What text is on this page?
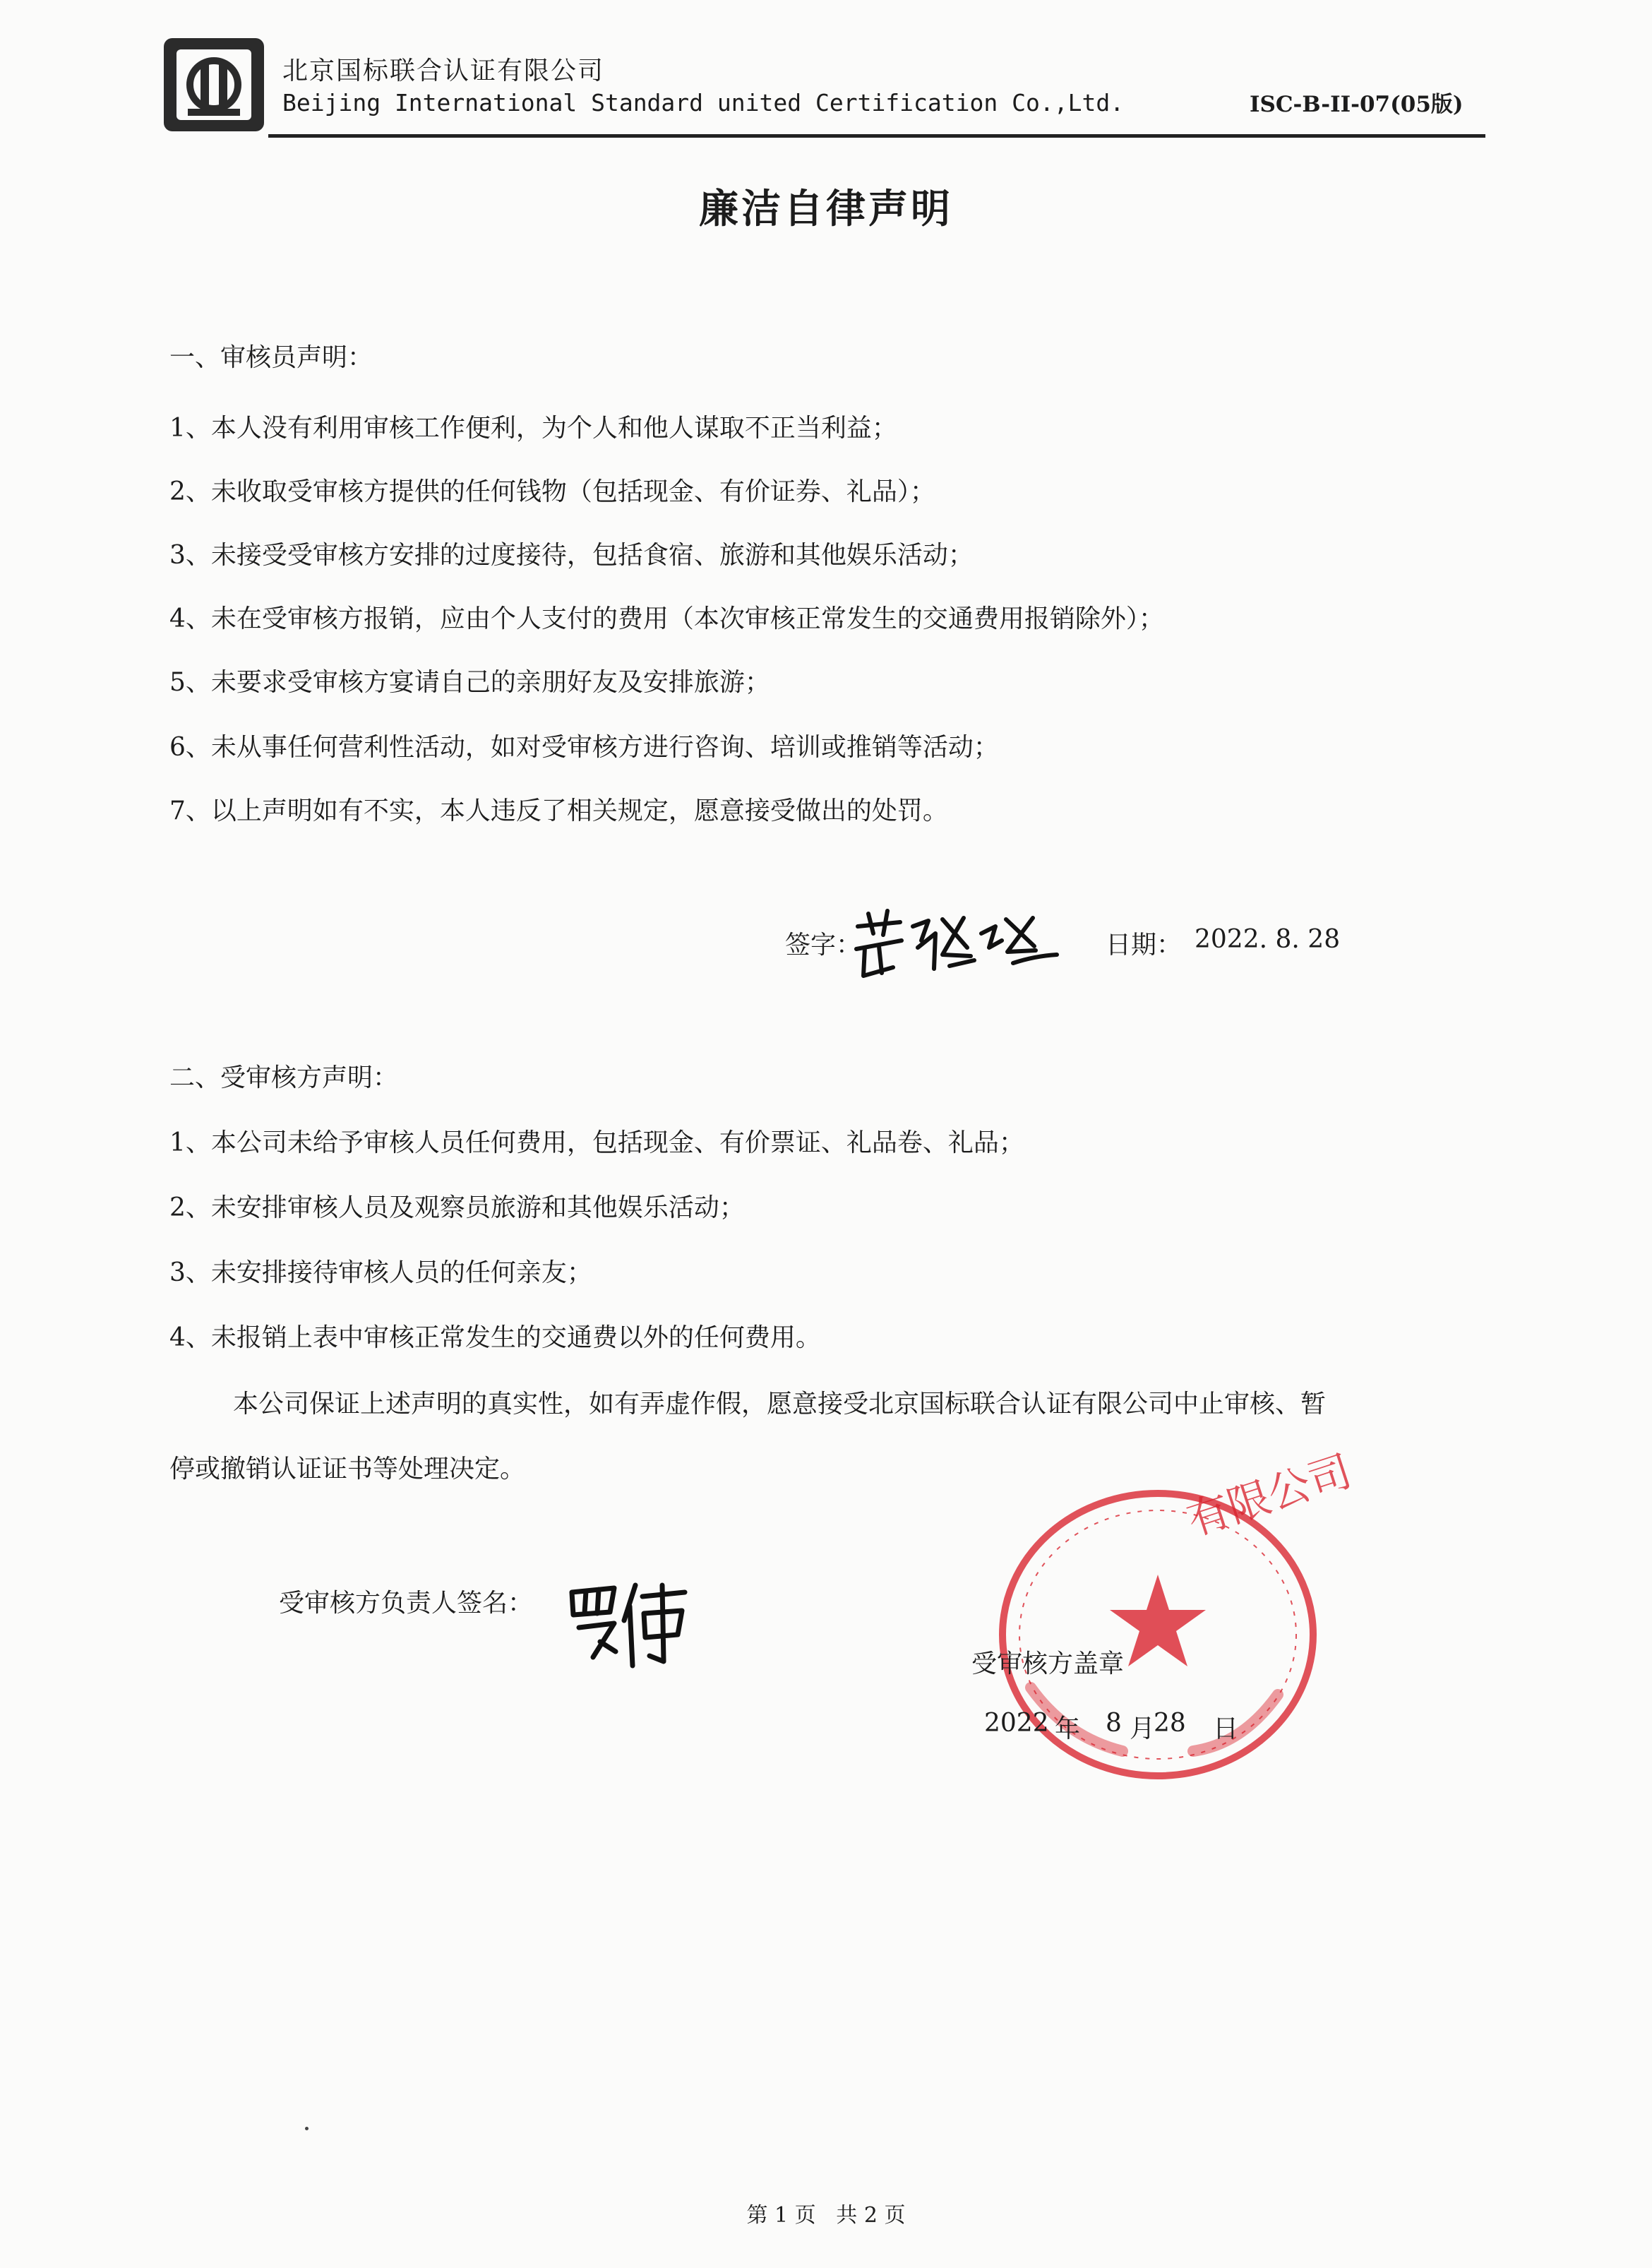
北京国标联合认证有限公司
Beijing International Standard united Certification Co.,Ltd.	ISC-B-II-07(05版)
廉洁自律声明
一、审核员声明：
1、本人没有利用审核工作便利，为个人和他人谋取不正当利益；
2、未收取受审核方提供的任何钱物（包括现金、有价证券、礼品）；
3、未接受受审核方安排的过度接待，包括食宿、旅游和其他娱乐活动；
4、未在受审核方报销，应由个人支付的费用（本次审核正常发生的交通费用报销除外）；
5、未要求受审核方宴请自己的亲朋好友及安排旅游；
6、未从事任何营利性活动，如对受审核方进行咨询、培训或推销等活动；
7、以上声明如有不实，本人违反了相关规定，愿意接受做出的处罚。
签字：	日期： 2022. 8. 28
二、受审核方声明：
1、本公司未给予审核人员任何费用，包括现金、有价票证、礼品卷、礼品；
2、未安排审核人员及观察员旅游和其他娱乐活动；
3、未安排接待审核人员的任何亲友；
4、未报销上表中审核正常发生的交通费以外的任何费用。
本公司保证上述声明的真实性，如有弄虚作假，愿意接受北京国标联合认证有限公司中止审核、暂
停或撤销认证证书等处理决定。
受审核方负责人签名：
有限公司
受审核方盖章
2022 年 8 月
28 日
第 1 页 共 2 页
